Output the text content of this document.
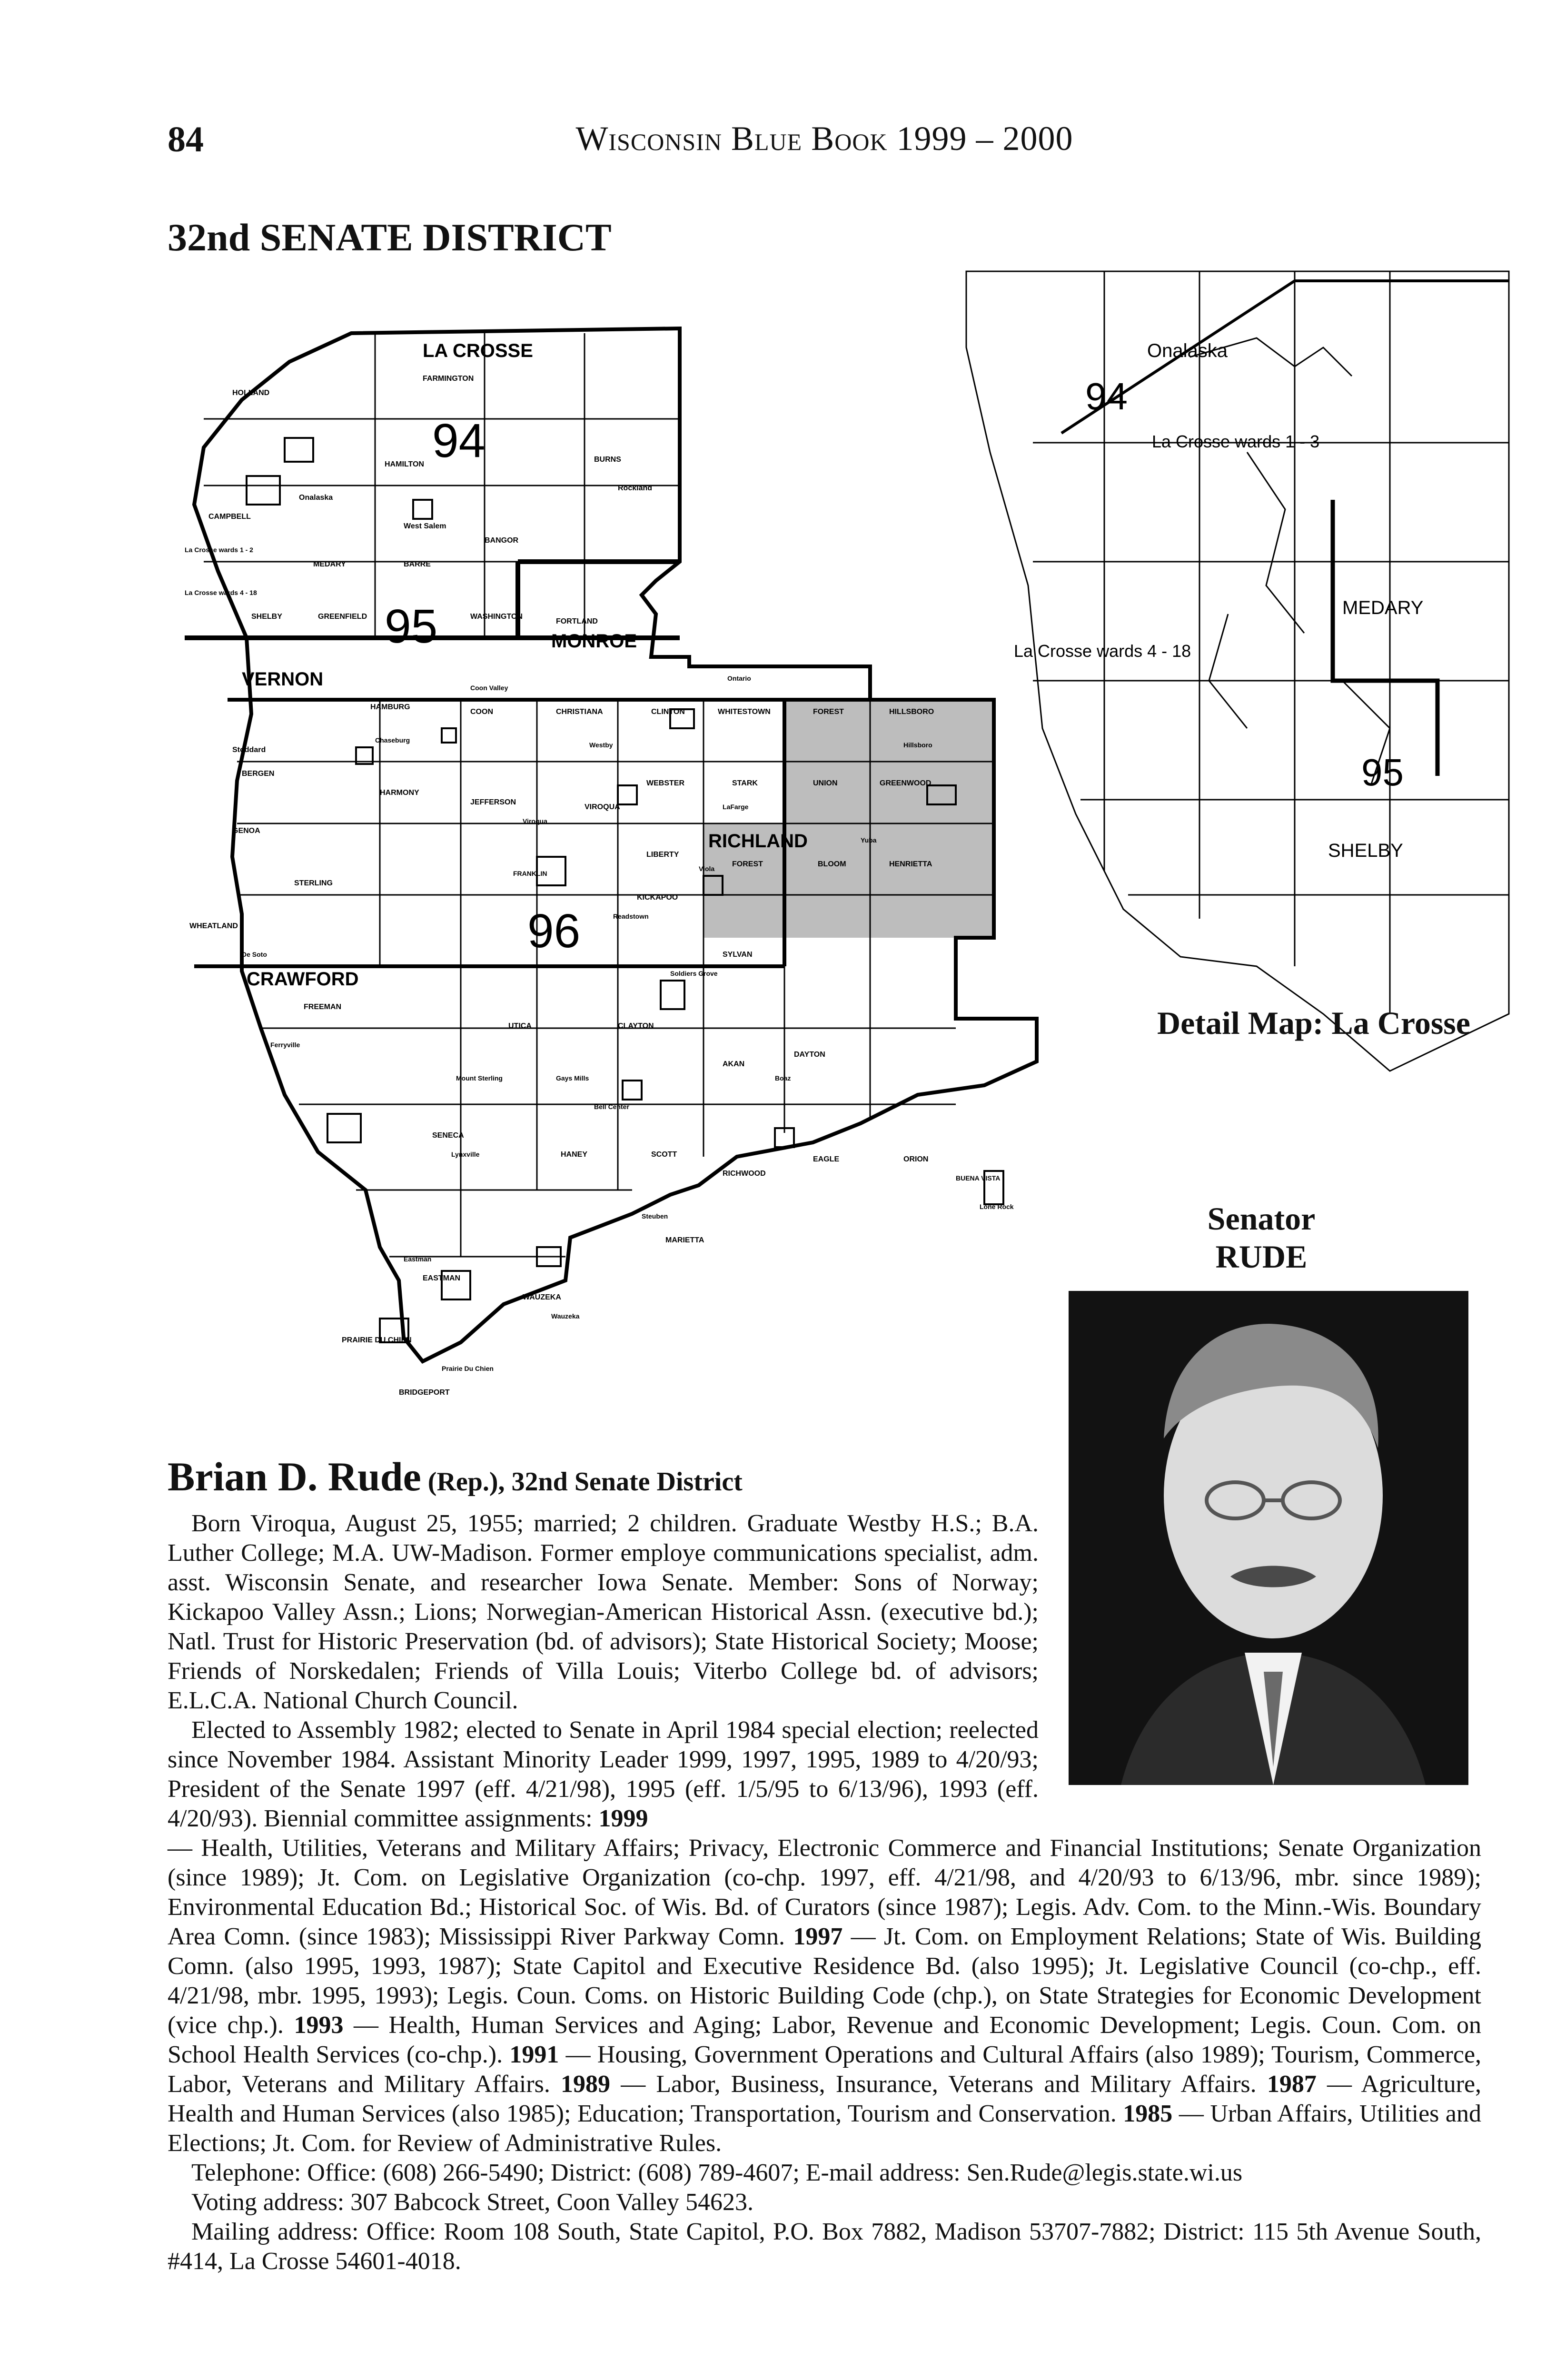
84	Wisconsin Blue Book 1999 – 2000
32nd SENATE DISTRICT
LA CROSSE
FARMINGTON
HOLLAND
HAMILTON
BURNS
West Salem
Rockland
BANGOR
Onalaska
CAMPBELL
La Crosse wards 1 - 2
MEDARY	BARRE
La Crosse wards 4 - 18
SHELBY	GREENFIELD	WASHINGTON
FORTLAND
MONROE
VERNON
HAMBURG
Coon Valley
COON	CHRISTIANA	CLINTON
Ontario
WHITESTOWN	FOREST	HILLSBORO
Stoddard
Chaseburg
BERGEN
Westby	Hillsboro
HARMONY
JEFFERSON
WEBSTER	STARK	UNION	GREENWOOD
GENOA
Viroqua
VIROQUA	LaFarge
RICHLAND	Yuba
LIBERTY
Viola
FOREST	BLOOM	HENRIETTA
STERLING
FRANKLIN
KICKAPOO
WHEATLAND
Readstown
De Soto	SYLVAN
CRAWFORD	Soldiers Grove
FREEMAN
UTICA	CLAYTON
Ferryville
DAYTON
AKAN
Boaz
Gays Mills
Mount Sterling
Bell Center
SENECA
Lynxville	HANEY	SCOTT
RICHWOOD
EAGLE	ORION
BUENA VISTA
Steuben
MARIETTA
Lone Rock
Eastman
EASTMAN
WAUZEKA
Wauzeka
PRAIRIE DU CHIEN
Prairie Du Chien
BRIDGEPORT
94
95
96
Onalaska
La Crosse wards 1 - 3
MEDARY
La Crosse wards 4 - 18
SHELBY
94
95
Detail Map: La Crosse
Senator
RUDE
Brian D. Rude (Rep.), 32nd Senate District

Born Viroqua, August 25, 1955; married; 2 children. Graduate Westby H.S.; B.A. Luther College; M.A. UW-Madison. Former employe communications specialist, adm. asst. Wisconsin Senate, and researcher Iowa Senate. Member: Sons of Norway; Kickapoo Valley Assn.; Lions; Norwegian-American Historical Assn. (executive bd.); Natl. Trust for Historic Preservation (bd. of advisors); State Historical Society; Moose; Friends of Norskedalen; Friends of Villa Louis; Viterbo College bd. of advisors; E.L.C.A. National Church Council.

Elected to Assembly 1982; elected to Senate in April 1984 special election; reelected since November 1984. Assistant Minority Leader 1999, 1997, 1995, 1989 to 4/20/93; President of the Senate 1997 (eff. 4/21/98), 1995 (eff. 1/5/95 to 6/13/96), 1993 (eff. 4/20/93). Biennial committee assignments: 1999

— Health, Utilities, Veterans and Military Affairs; Privacy, Electronic Commerce and Financial Institutions; Senate Organization (since 1989); Jt. Com. on Legislative Organization (co-chp. 1997, eff. 4/21/98, and 4/20/93 to 6/13/96, mbr. since 1989); Environmental Education Bd.; Historical Soc. of Wis. Bd. of Curators (since 1987); Legis. Adv. Com. to the Minn.-Wis. Boundary Area Comn. (since 1983); Mississippi River Parkway Comn. 1997 — Jt. Com. on Employment Relations; State of Wis. Building Comn. (also 1995, 1993, 1987); State Capitol and Executive Residence Bd. (also 1995); Jt. Legislative Council (co-chp., eff. 4/21/98, mbr. 1995, 1993); Legis. Coun. Coms. on Historic Building Code (chp.), on State Strategies for Economic Development (vice chp.). 1993 — Health, Human Services and Aging; Labor, Revenue and Economic Development; Legis. Coun. Com. on School Health Services (co-chp.). 1991 — Housing, Government Operations and Cultural Affairs (also 1989); Tourism, Commerce, Labor, Veterans and Military Affairs. 1989 — Labor, Business, Insurance, Veterans and Military Affairs. 1987 — Agriculture, Health and Human Services (also 1985); Education; Transportation, Tourism and Conservation. 1985 — Urban Affairs, Utilities and Elections; Jt. Com. for Review of Administrative Rules.

Telephone: Office: (608) 266-5490; District: (608) 789-4607; E-mail address: Sen.Rude@legis.state.wi.us

Voting address: 307 Babcock Street, Coon Valley 54623.

Mailing address: Office: Room 108 South, State Capitol, P.O. Box 7882, Madison 53707-7882; District: 115 5th Avenue South, #414, La Crosse 54601-4018.
